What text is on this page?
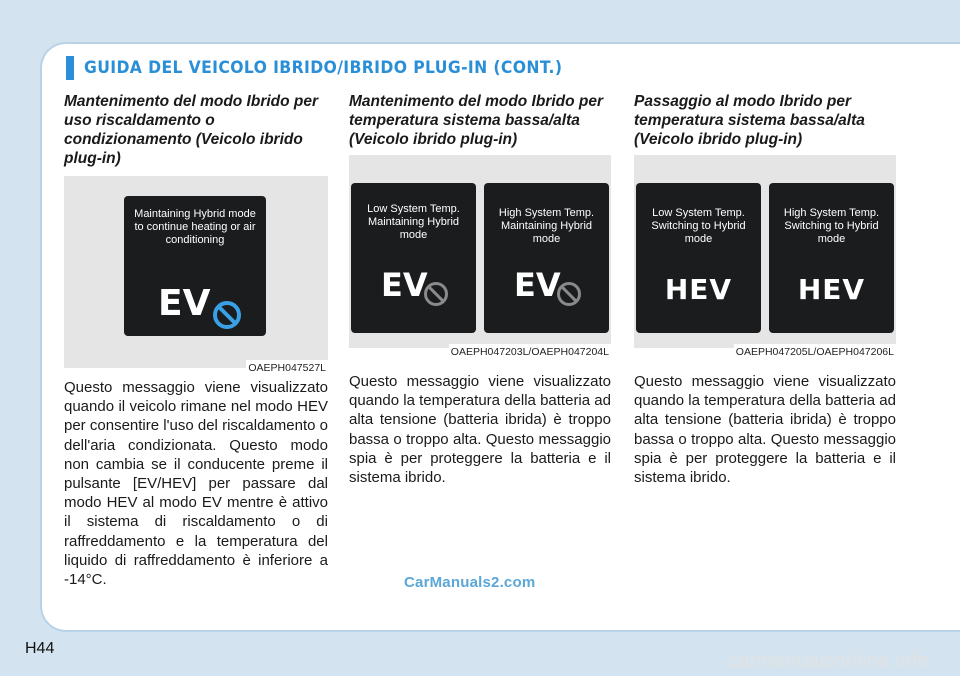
GUIDA DEL VEICOLO IBRIDO/IBRIDO PLUG-IN (CONT.)
Mantenimento del modo Ibrido per uso riscaldamento o condizionamento (Veicolo ibrido plug-in)
Maintaining Hybrid mode to continue heating or air conditioning
EV
OAEPH047527L
Questo messaggio viene visualizzato quando il veicolo rimane nel modo HEV per consentire l'uso del riscaldamento o dell'aria condizionata. Questo modo non cambia se il conducente preme il pulsante [EV/HEV] per passare dal modo HEV al modo EV mentre è attivo il sistema di riscaldamento o di raffreddamento e la temperatura del liquido di raffreddamento è inferiore a -14°C.
Mantenimento del modo Ibrido per temperatura sistema bassa/alta (Veicolo ibrido plug-in)
Low System Temp. Maintaining Hybrid mode
EV
High System Temp. Maintaining Hybrid mode
EV
OAEPH047203L/OAEPH047204L
Questo messaggio viene visualizzato quando la temperatura della batteria ad alta tensione (batteria ibrida) è troppo bassa o troppo alta. Questo messaggio spia è per proteggere la batteria e il sistema ibrido.
Passaggio al modo Ibrido per temperatura sistema bassa/alta (Veicolo ibrido plug-in)
Low System Temp. Switching to Hybrid mode
HEV
High System Temp. Switching to Hybrid mode
HEV
OAEPH047205L/OAEPH047206L
Questo messaggio viene visualizzato quando la temperatura della batteria ad alta tensione (batteria ibrida) è troppo bassa o troppo alta. Questo messaggio spia è per proteggere la batteria e il sistema ibrido.
CarManuals2.com
H44
carmanualsonline.info
